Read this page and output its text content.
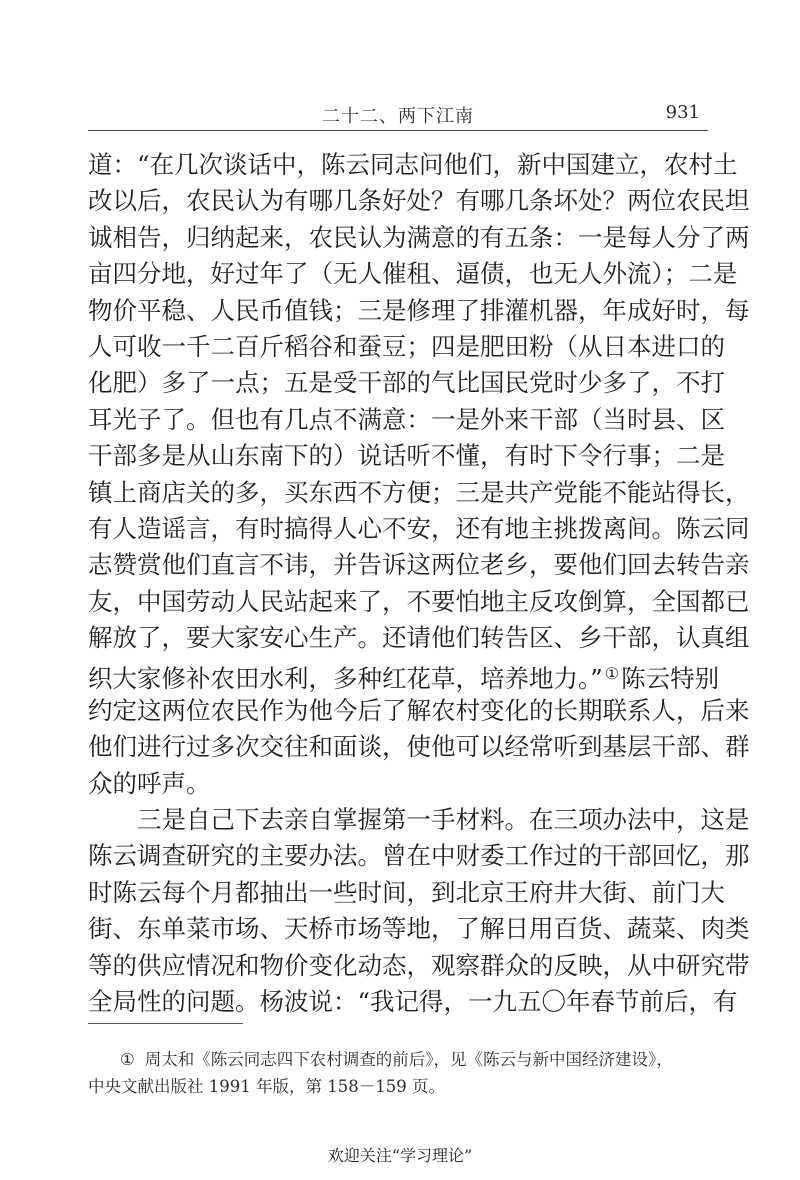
二十二、两下江南	931
道：“在几次谈话中，陈云同志问他们，新中国建立，农村土
改以后，农民认为有哪几条好处？有哪几条坏处？两位农民坦
诚相告，归纳起来，农民认为满意的有五条：一是每人分了两
亩四分地，好过年了（无人催租、逼债，也无人外流）；二是
物价平稳、人民币值钱；三是修理了排灌机器，年成好时，每
人可收一千二百斤稻谷和蚕豆；四是肥田粉（从日本进口的
化肥）多了一点；五是受干部的气比国民党时少多了，不打
耳光子了。但也有几点不满意：一是外来干部（当时县、区
干部多是从山东南下的）说话听不懂，有时下令行事；二是
镇上商店关的多，买东西不方便；三是共产党能不能站得长，
有人造谣言，有时搞得人心不安，还有地主挑拨离间。陈云同
志赞赏他们直言不讳，并告诉这两位老乡，要他们回去转告亲
友，中国劳动人民站起来了，不要怕地主反攻倒算，全国都已
解放了，要大家安心生产。还请他们转告区、乡干部，认真组
织大家修补农田水利，多种红花草，培养地力。” ①陈云特别
约定这两位农民作为他今后了解农村变化的长期联系人，后来
他们进行过多次交往和面谈，使他可以经常听到基层干部、群
众的呼声。
三是自己下去亲自掌握第一手材料。在三项办法中，这是
陈云调查研究的主要办法。曾在中财委工作过的干部回忆，那
时陈云每个月都抽出一些时间，到北京王府井大街、前门大
街、东单菜市场、天桥市场等地，了解日用百货、蔬菜、肉类
等的供应情况和物价变化动态，观察群众的反映，从中研究带
全局性的问题。杨波说：“我记得，一九五〇年春节前后，有
① 周太和《陈云同志四下农村调查的前后》，见《陈云与新中国经济建设》，
中央文献出版社 1991 年版，第 158－159 页。
欢迎关注“学习理论”
